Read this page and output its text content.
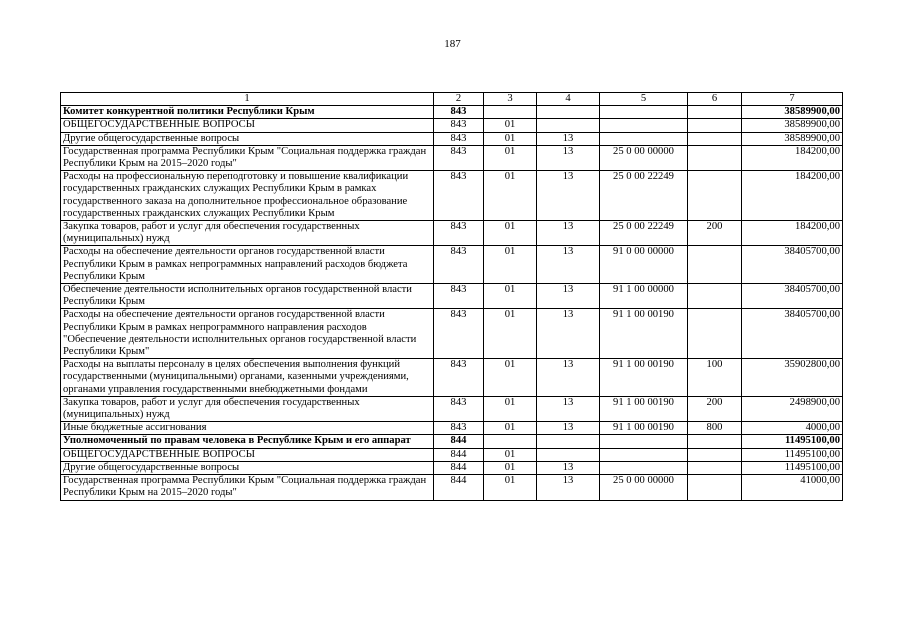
187
1	2	3	4	5	6	7
Комитет конкурентной политики Республики Крым	843					38589900,00
ОБЩЕГОСУДАРСТВЕННЫЕ ВОПРОСЫ	843	01				38589900,00
Другие общегосударственные вопросы	843	01	13			38589900,00
Государственная программа Республики Крым "Социальная поддержка граждан Республики Крым на 2015–2020 годы"	843	01	13	25 0 00 00000		184200,00
Расходы на профессиональную переподготовку и повышение квалификации государственных гражданских служащих Республики Крым в рамках государственного заказа на дополнительное профессиональное образование государственных гражданских служащих Республики Крым	843	01	13	25 0 00 22249		184200,00
Закупка товаров, работ и услуг для обеспечения государственных (муниципальных) нужд	843	01	13	25 0 00 22249	200	184200,00
Расходы на обеспечение деятельности органов государственной власти Республики Крым в рамках непрограммных направлений расходов бюджета Республики Крым	843	01	13	91 0 00 00000		38405700,00
Обеспечение деятельности исполнительных органов государственной власти Республики Крым	843	01	13	91 1 00 00000		38405700,00
Расходы на обеспечение деятельности органов государственной власти Республики Крым в рамках непрограммного направления расходов "Обеспечение деятельности исполнительных органов государственной власти Республики Крым"	843	01	13	91 1 00 00190		38405700,00
Расходы на выплаты персоналу в целях обеспечения выполнения функций государственными (муниципальными) органами, казенными учреждениями, органами управления государственными внебюджетными фондами	843	01	13	91 1 00 00190	100	35902800,00
Закупка товаров, работ и услуг для обеспечения государственных (муниципальных) нужд	843	01	13	91 1 00 00190	200	2498900,00
Иные бюджетные ассигнования	843	01	13	91 1 00 00190	800	4000,00
Уполномоченный по правам человека в Республике Крым и его аппарат	844					11495100,00
ОБЩЕГОСУДАРСТВЕННЫЕ ВОПРОСЫ	844	01				11495100,00
Другие общегосударственные вопросы	844	01	13			11495100,00
Государственная программа Республики Крым "Социальная поддержка граждан Республики Крым на 2015–2020 годы"	844	01	13	25 0 00 00000		41000,00
